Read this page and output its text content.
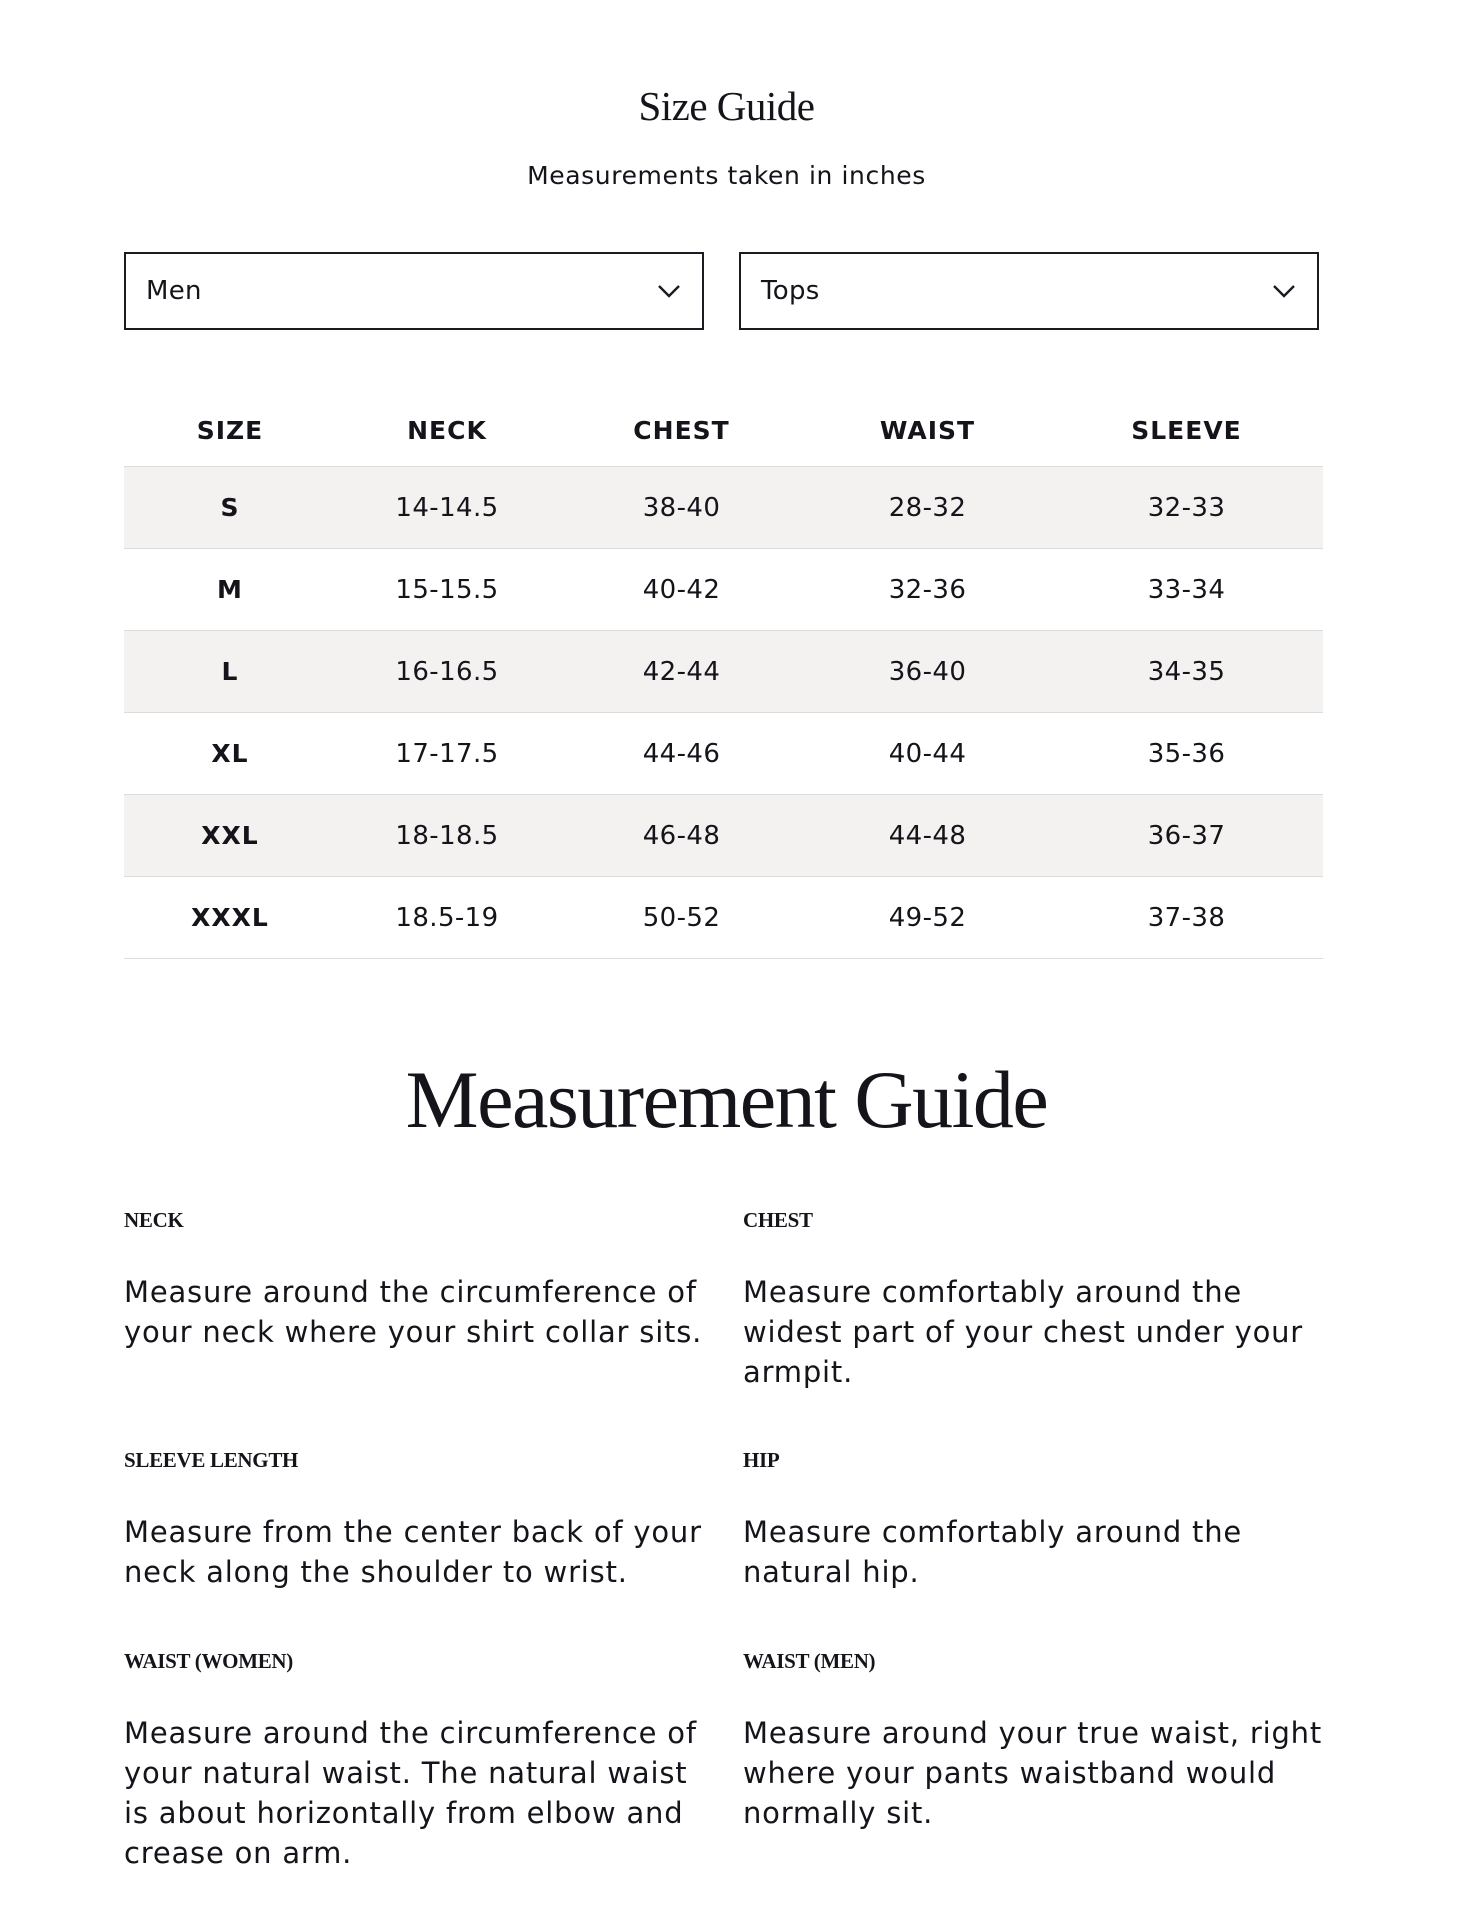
Size Guide
Measurements taken in inches
Men	Tops
SIZE	NECK	CHEST	WAIST	SLEEVE
S	14-14.5	38-40	28-32	32-33
M	15-15.5	40-42	32-36	33-34
L	16-16.5	42-44	36-40	34-35
XL	17-17.5	44-46	40-44	35-36
XXL	18-18.5	46-48	44-48	36-37
XXXL	18.5-19	50-52	49-52	37-38
Measurement Guide
NECK
Measure around the circumference of your neck where your shirt collar sits.
CHEST
Measure comfortably around the widest part of your chest under your armpit.
SLEEVE LENGTH
Measure from the center back of your neck along the shoulder to wrist.
HIP
Measure comfortably around the natural hip.
WAIST (WOMEN)
Measure around the circumference of your natural waist. The natural waist is about horizontally from elbow and crease on arm.
WAIST (MEN)
Measure around your true waist, right where your pants waistband would normally sit.
